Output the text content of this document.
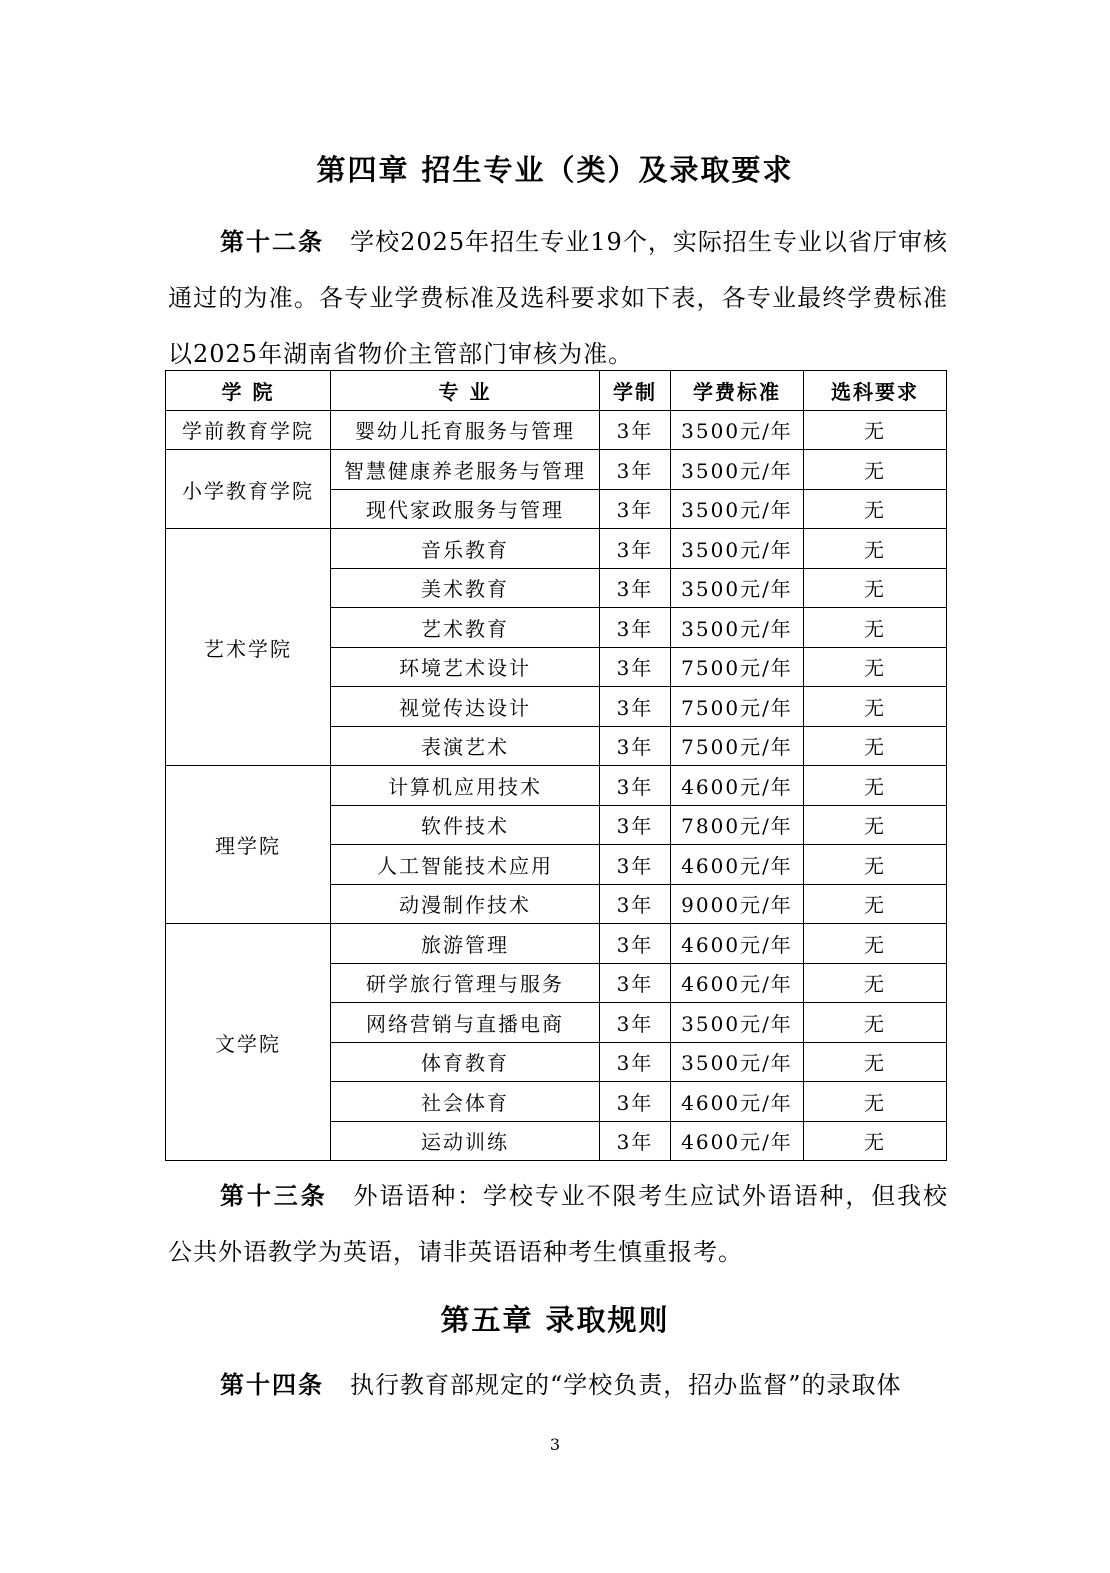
第四章 招生专业（类）及录取要求

第十二条 学校2025年招生专业19个，实际招生专业以省厅审核通过的为准。各专业学费标准及选科要求如下表，各专业最终学费标准以2025年湖南省物价主管部门审核为准。

学 院	专 业	学制	学费标准	选科要求
学前教育学院	婴幼儿托育服务与管理	3年	3500元/年	无
小学教育学院	智慧健康养老服务与管理	3年	3500元/年	无
	现代家政服务与管理	3年	3500元/年	无
艺术学院	音乐教育	3年	3500元/年	无
	美术教育	3年	3500元/年	无
	艺术教育	3年	3500元/年	无
	环境艺术设计	3年	7500元/年	无
	视觉传达设计	3年	7500元/年	无
	表演艺术	3年	7500元/年	无
理学院	计算机应用技术	3年	4600元/年	无
	软件技术	3年	7800元/年	无
	人工智能技术应用	3年	4600元/年	无
	动漫制作技术	3年	9000元/年	无
文学院	旅游管理	3年	4600元/年	无
	研学旅行管理与服务	3年	4600元/年	无
	网络营销与直播电商	3年	3500元/年	无
	体育教育	3年	3500元/年	无
	社会体育	3年	4600元/年	无
	运动训练	3年	4600元/年	无

第十三条 外语语种：学校专业不限考生应试外语语种，但我校公共外语教学为英语，请非英语语种考生慎重报考。

第五章 录取规则

第十四条 执行教育部规定的“学校负责，招办监督”的录取体

3
